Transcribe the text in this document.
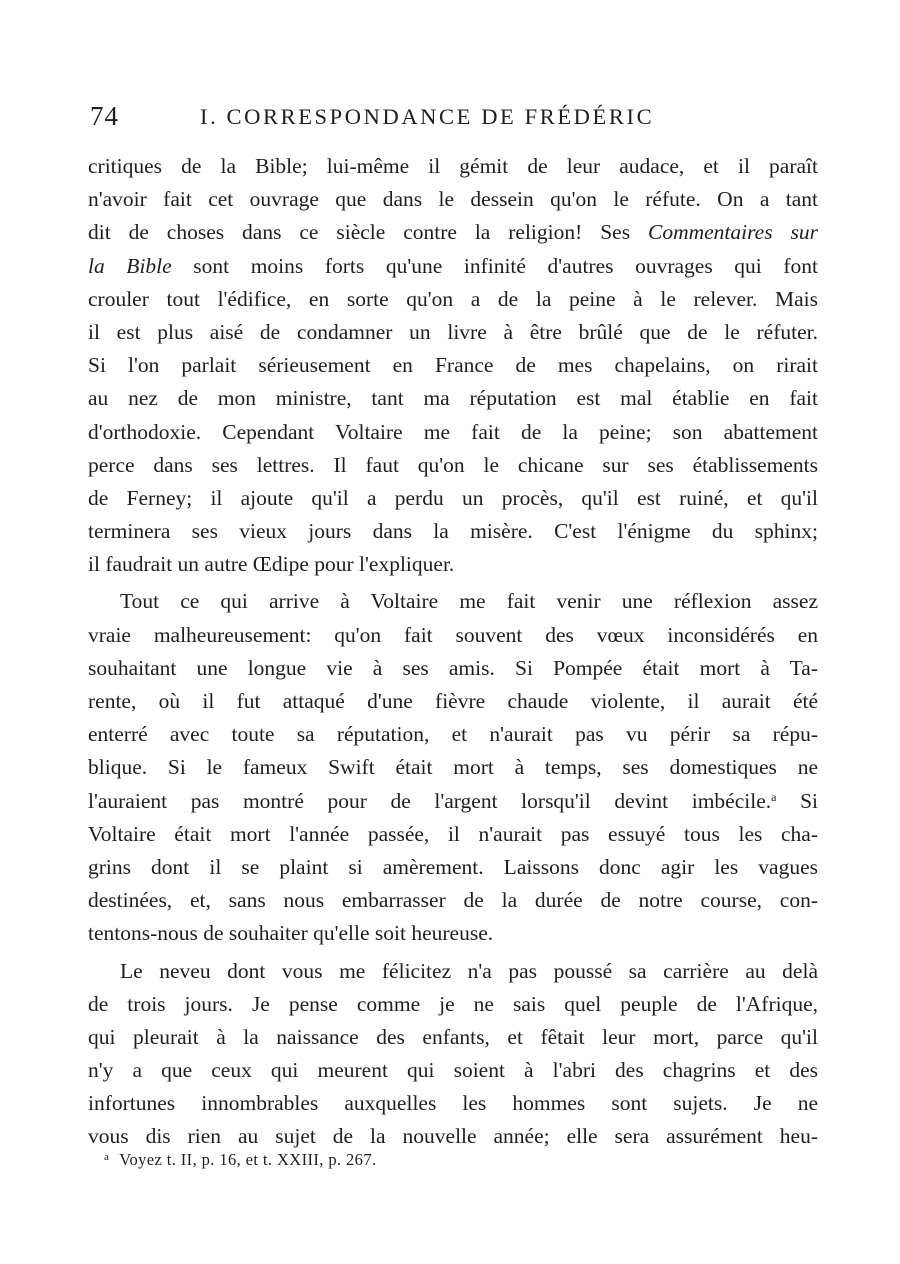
74	I. CORRESPONDANCE DE FRÉDÉRIC
critiques de la Bible; lui-même il gémit de leur audace, et il paraît
n'avoir fait cet ouvrage que dans le dessein qu'on le réfute. On a tant
dit de choses dans ce siècle contre la religion! Ses Commentaires sur
la Bible sont moins forts qu'une infinité d'autres ouvrages qui font
crouler tout l'édifice, en sorte qu'on a de la peine à le relever. Mais
il est plus aisé de condamner un livre à être brûlé que de le réfuter.
Si l'on parlait sérieusement en France de mes chapelains, on rirait
au nez de mon ministre, tant ma réputation est mal établie en fait
d'orthodoxie. Cependant Voltaire me fait de la peine; son abattement
perce dans ses lettres. Il faut qu'on le chicane sur ses établissements
de Ferney; il ajoute qu'il a perdu un procès, qu'il est ruiné, et qu'il
terminera ses vieux jours dans la misère. C'est l'énigme du sphinx;
il faudrait un autre Œdipe pour l'expliquer.
Tout ce qui arrive à Voltaire me fait venir une réflexion assez
vraie malheureusement: qu'on fait souvent des vœux inconsidérés en
souhaitant une longue vie à ses amis. Si Pompée était mort à Ta-
rente, où il fut attaqué d'une fièvre chaude violente, il aurait été
enterré avec toute sa réputation, et n'aurait pas vu périr sa répu-
blique. Si le fameux Swift était mort à temps, ses domestiques ne
l'auraient pas montré pour de l'argent lorsqu'il devint imbécile.$^a$ Si
Voltaire était mort l'année passée, il n'aurait pas essuyé tous les cha-
grins dont il se plaint si amèrement. Laissons donc agir les vagues
destinées, et, sans nous embarrasser de la durée de notre course, con-
tentons-nous de souhaiter qu'elle soit heureuse.
Le neveu dont vous me félicitez n'a pas poussé sa carrière au delà
de trois jours. Je pense comme je ne sais quel peuple de l'Afrique,
qui pleurait à la naissance des enfants, et fêtait leur mort, parce qu'il
n'y a que ceux qui meurent qui soient à l'abri des chagrins et des
infortunes innombrables auxquelles les hommes sont sujets. Je ne
vous dis rien au sujet de la nouvelle année; elle sera assurément heu-
$^a$ Voyez t. II, p. 16, et t. XXIII, p. 267.
